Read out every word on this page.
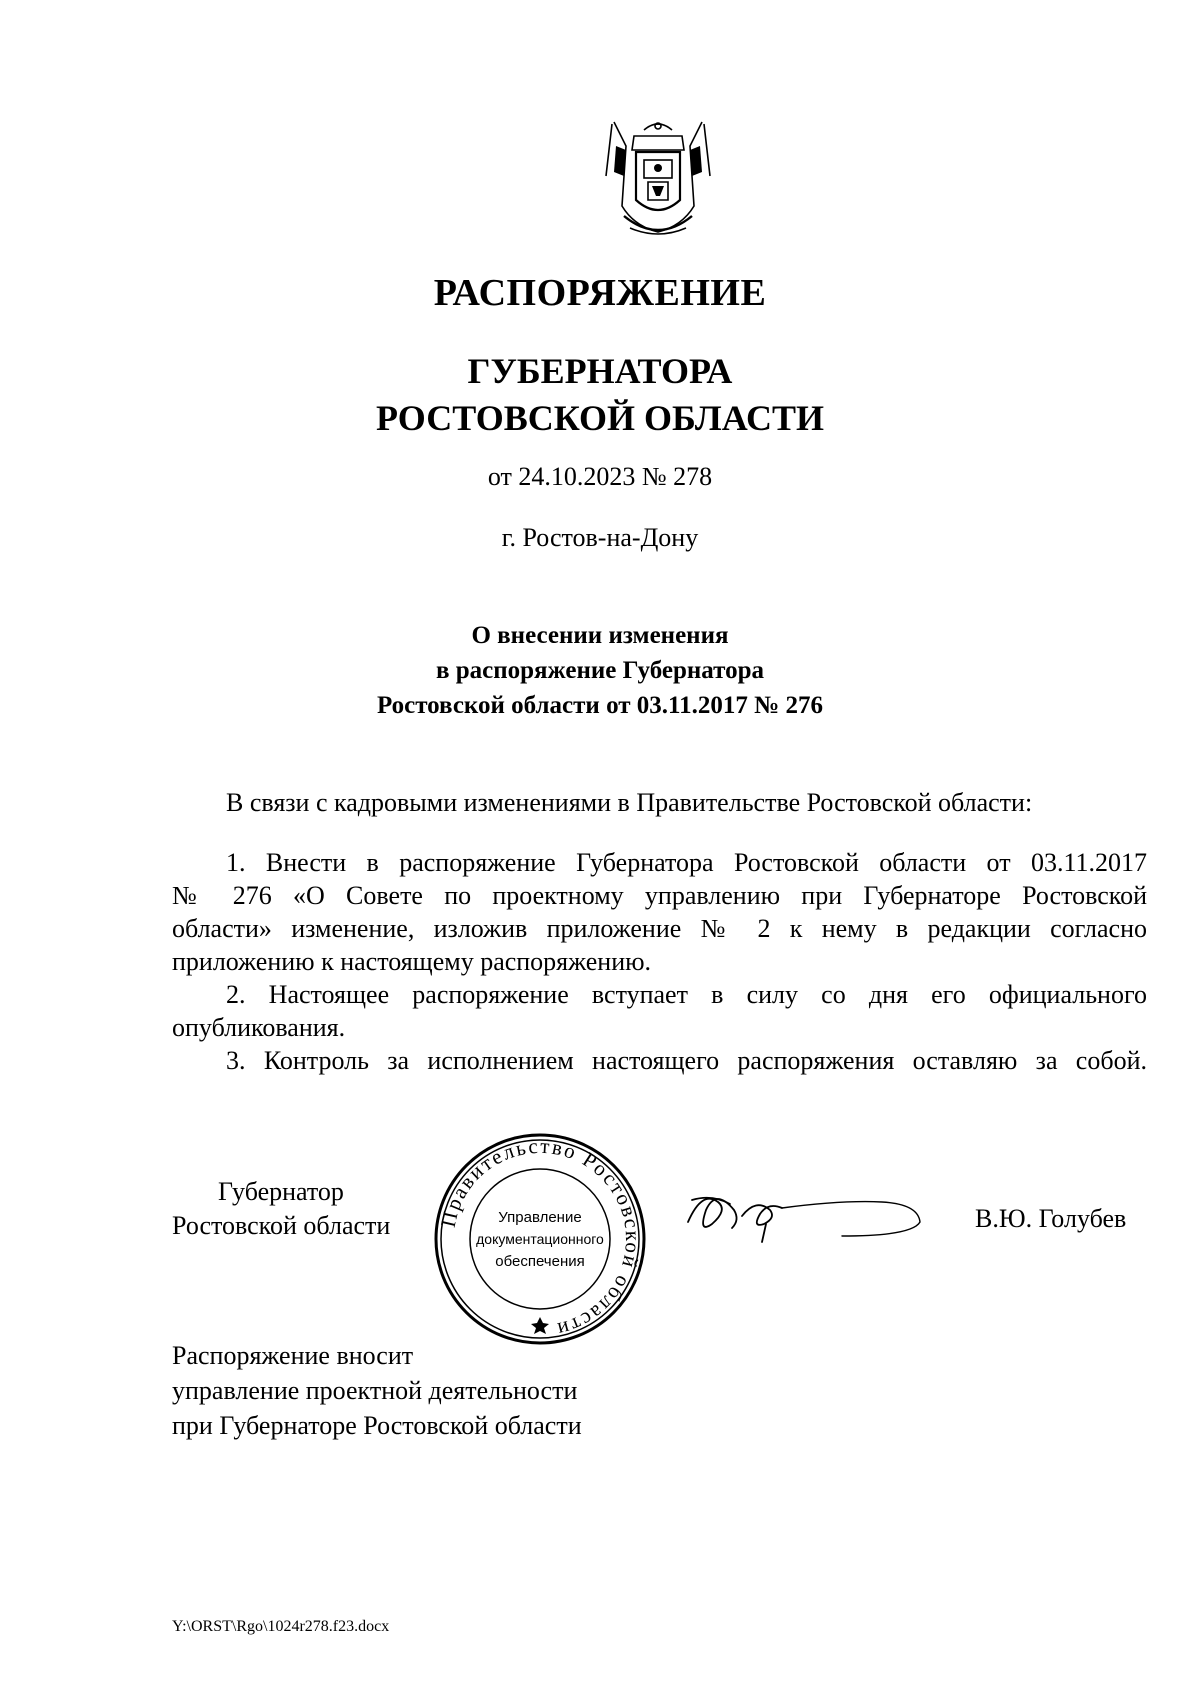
РАСПОРЯЖЕНИЕ
ГУБЕРНАТОРА
РОСТОВСКОЙ ОБЛАСТИ
от 24.10.2023 № 278
г. Ростов-на-Дону
О внесении изменения
в распоряжение Губернатора
Ростовской области от 03.11.2017 № 276
В связи с кадровыми изменениями в Правительстве Ростовской области:
1. Внести в распоряжение Губернатора Ростовской области от 03.11.2017
№ 276 «О Совете по проектному управлению при Губернаторе Ростовской
области» изменение, изложив приложение № 2 к нему в редакции согласно
приложению к настоящему распоряжению.
2. Настоящее распоряжение вступает в силу со дня его официального
опубликования.
3. Контроль за исполнением настоящего распоряжения оставляю за собой.
Губернатор
Ростовской области Правительство Ростовской области
Управление
документационного
обеспечения
В.Ю. Голубев
Распоряжение вносит
управление проектной деятельности
при Губернаторе Ростовской области
Y:\ORST\Rgo\1024r278.f23.docx
